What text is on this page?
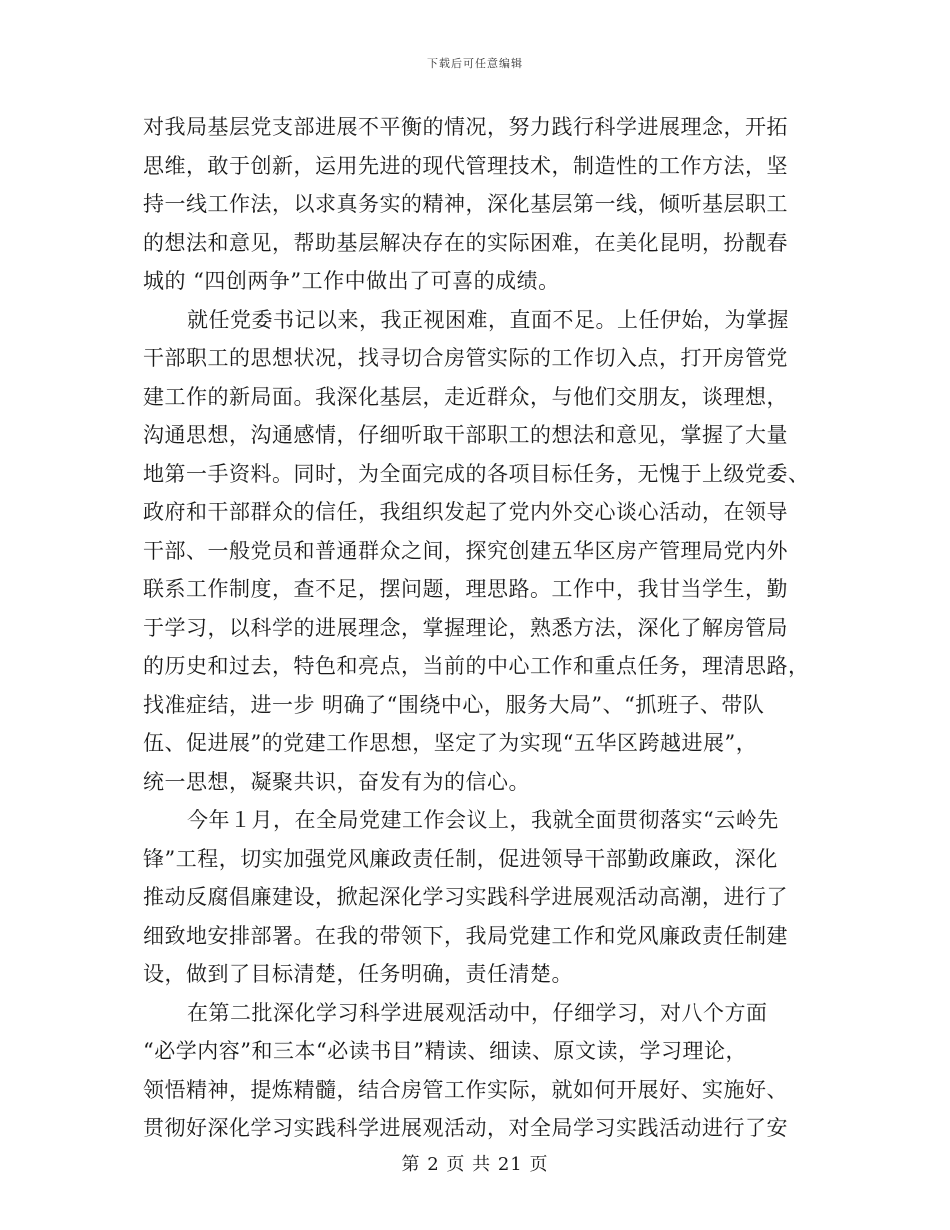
下载后可任意编辑
对我局基层党支部进展不平衡的情况，努力践行科学进展理念，开拓
思维，敢于创新，运用先进的现代管理技术，制造性的工作方法，坚
持一线工作法，以求真务实的精神，深化基层第一线，倾听基层职工
的想法和意见，帮助基层解决存在的实际困难，在美化昆明，扮靓春
城的 “四创两争”工作中做出了可喜的成绩。
就任党委书记以来，我正视困难，直面不足。上任伊始，为掌握
干部职工的思想状况，找寻切合房管实际的工作切入点，打开房管党
建工作的新局面。我深化基层，走近群众，与他们交朋友，谈理想，
沟通思想，沟通感情，仔细听取干部职工的想法和意见，掌握了大量
地第一手资料。同时，为全面完成的各项目标任务，无愧于上级党委、
政府和干部群众的信任，我组织发起了党内外交心谈心活动，在领导
干部、一般党员和普通群众之间，探究创建五华区房产管理局党内外
联系工作制度，查不足，摆问题，理思路。工作中，我甘当学生，勤
于学习，以科学的进展理念，掌握理论，熟悉方法，深化了解房管局
的历史和过去，特色和亮点，当前的中心工作和重点任务，理清思路，
找准症结，进一步 明确了“围绕中心，服务大局”、“抓班子、带队
伍、促进展”的党建工作思想，坚定了为实现“五华区跨越进展”，
统一思想，凝聚共识，奋发有为的信心。
今年１月，在全局党建工作会议上，我就全面贯彻落实“云岭先
锋”工程，切实加强党风廉政责任制，促进领导干部勤政廉政，深化
推动反腐倡廉建设，掀起深化学习实践科学进展观活动高潮，进行了
细致地安排部署。在我的带领下，我局党建工作和党风廉政责任制建
设，做到了目标清楚，任务明确，责任清楚。
在第二批深化学习科学进展观活动中，仔细学习，对八个方面
“必学内容”和三本“必读书目”精读、细读、原文读，学习理论，
领悟精神，提炼精髓，结合房管工作实际，就如何开展好、实施好、
贯彻好深化学习实践科学进展观活动，对全局学习实践活动进行了安
第 2 页 共 21 页
